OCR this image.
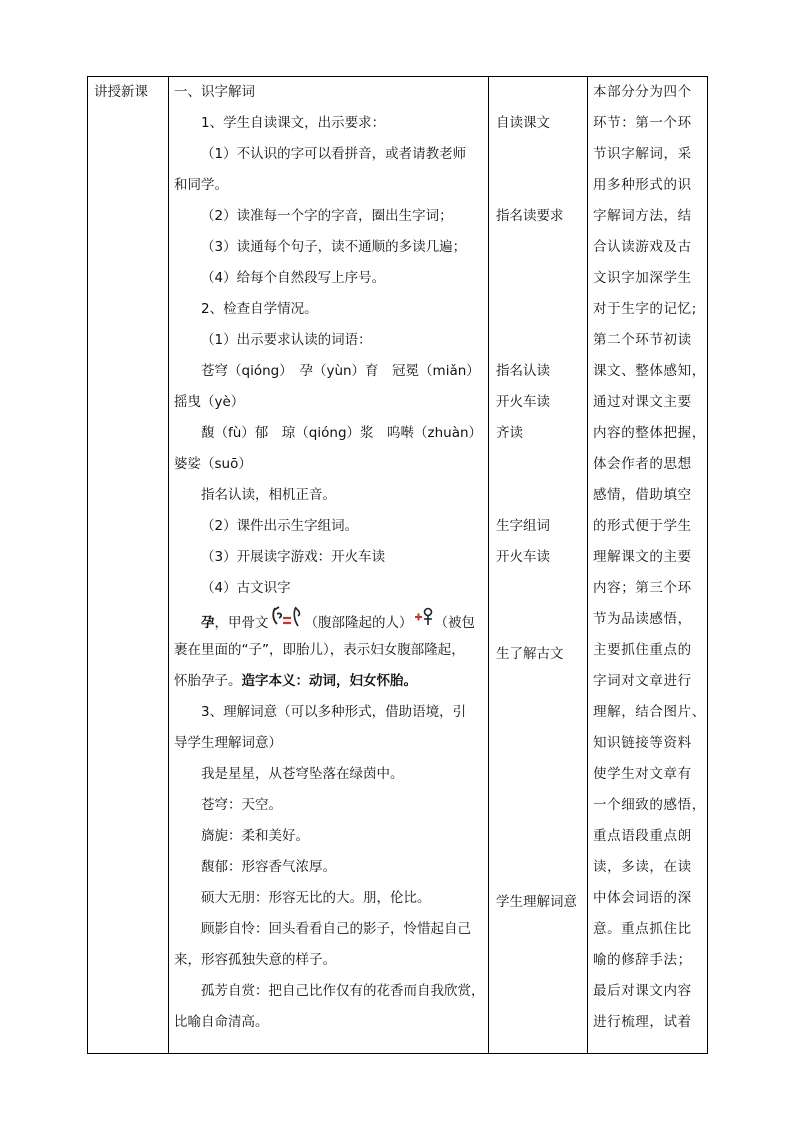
讲授新课	一、识字解词
1、学生自读课文，出示要求：
（1）不认识的字可以看拼音，或者请教老师
和同学。
（2）读准每一个字的字音，圈出生字词；
（3）读通每个句子，读不通顺的多读几遍；
（4）给每个自然段写上序号。
2、检查自学情况。
（1）出示要求认读的词语：
苍穹（qióng）　孕（yùn）育　冠冕（miǎn）
摇曳（yè）
馥（fù）郁　琼（qióng）浆　呜啭（zhuàn）
婆娑（suō）
指名认读，相机正音。
（2）课件出示生字组词。
（3）开展读字游戏：开火车读
（4）古文识字
孕，甲骨文	（腹部隆起的人） （被包
裹在里面的“子”，即胎儿），表示妇女腹部隆起，
怀胎孕子。造字本义：动词，妇女怀胎。
3、理解词意（可以多种形式，借助语境，引
导学生理解词意）
我是星星，从苍穹坠落在绿茵中。
苍穹：天空。
旖旎：柔和美好。
馥郁：形容香气浓厚。
硕大无朋：形容无比的大。朋，伦比。
顾影自怜：回头看看自己的影子，怜惜起自己
来，形容孤独失意的样子。
孤芳自赏：把自己比作仅有的花香而自我欣赏，
比喻自命清高。

自读课文
指名读要求
指名认读
开火车读
齐读
生字组词
开火车读
生了解古文
学生理解词意

本部分分为四个
环节：第一个环
节识字解词，采
用多种形式的识
字解词方法，结
合认读游戏及古
文识字加深学生
对于生字的记忆;
第二个环节初读
课文、整体感知，
通过对课文主要
内容的整体把握，
体会作者的思想
感情，借助填空
的形式便于学生
理解课文的主要
内容；第三个环
节为品读感悟，
主要抓住重点的
字词对文章进行
理解，结合图片、
知识链接等资料
使学生对文章有
一个细致的感悟，
重点语段重点朗
读，多读，在读
中体会词语的深
意。重点抓住比
喻的修辞手法；
最后对课文内容
进行梳理，试着
